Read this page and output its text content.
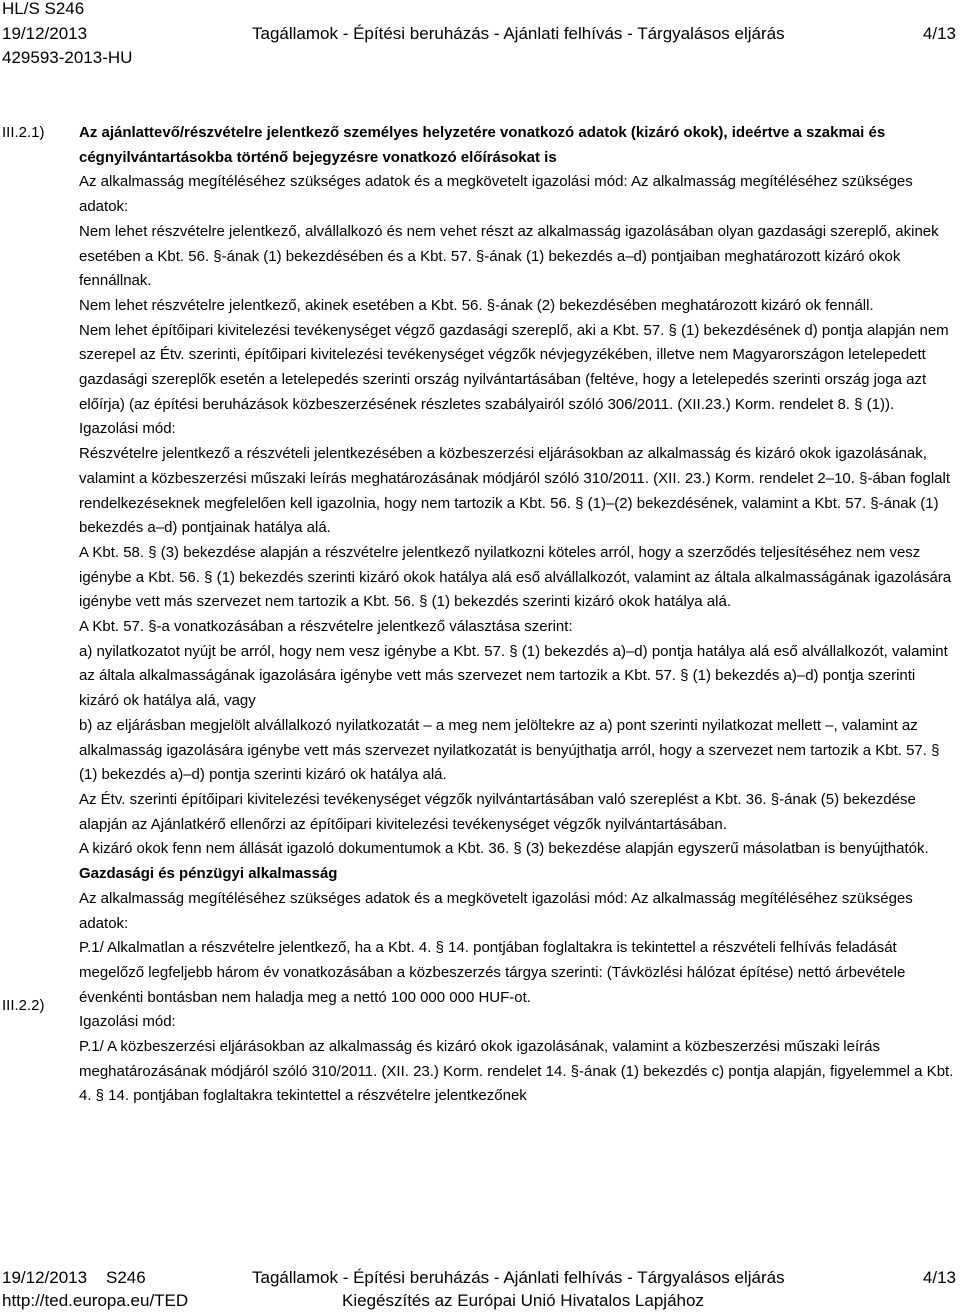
HL/S S246
19/12/2013
429593-2013-HU
Tagállamok - Építési beruházás - Ajánlati felhívás - Tárgyalásos eljárás	4/13
III.2.1)
III.2.2)

Az ajánlattevő/részvételre jelentkező személyes helyzetére vonatkozó adatok (kizáró okok), ideértve a szakmai és cégnyilvántartásokba történő bejegyzésre vonatkozó előírásokat is

Az alkalmasság megítéléséhez szükséges adatok és a megkövetelt igazolási mód: Az alkalmasság megítéléséhez szükséges adatok:

Nem lehet részvételre jelentkező, alvállalkozó és nem vehet részt az alkalmasság igazolásában olyan gazdasági szereplő, akinek esetében a Kbt. 56. §-ának (1) bekezdésében és a Kbt. 57. §-ának (1) bekezdés a–d) pontjaiban meghatározott kizáró okok fennállnak.

Nem lehet részvételre jelentkező, akinek esetében a Kbt. 56. §-ának (2) bekezdésében meghatározott kizáró ok fennáll.

Nem lehet építőipari kivitelezési tevékenységet végző gazdasági szereplő, aki a Kbt. 57. § (1) bekezdésének d) pontja alapján nem szerepel az Étv. szerinti, építőipari kivitelezési tevékenységet végzők névjegyzékében, illetve nem Magyarországon letelepedett gazdasági szereplők esetén a letelepedés szerinti ország nyilvántartásában (feltéve, hogy a letelepedés szerinti ország joga azt előírja) (az építési beruházások közbeszerzésének részletes szabályairól szóló 306/2011. (XII.23.) Korm. rendelet 8. § (1)).

Igazolási mód:

Részvételre jelentkező a részvételi jelentkezésében a közbeszerzési eljárásokban az alkalmasság és kizáró okok igazolásának, valamint a közbeszerzési műszaki leírás meghatározásának módjáról szóló 310/2011. (XII. 23.) Korm. rendelet 2–10. §-ában foglalt rendelkezéseknek megfelelően kell igazolnia, hogy nem tartozik a Kbt. 56. § (1)–(2) bekezdésének, valamint a Kbt. 57. §-ának (1) bekezdés a–d) pontjainak hatálya alá.

A Kbt. 58. § (3) bekezdése alapján a részvételre jelentkező nyilatkozni köteles arról, hogy a szerződés teljesítéséhez nem vesz igénybe a Kbt. 56. § (1) bekezdés szerinti kizáró okok hatálya alá eső alvállalkozót, valamint az általa alkalmasságának igazolására igénybe vett más szervezet nem tartozik a Kbt. 56. § (1) bekezdés szerinti kizáró okok hatálya alá.

A Kbt. 57. §-a vonatkozásában a részvételre jelentkező választása szerint:

a) nyilatkozatot nyújt be arról, hogy nem vesz igénybe a Kbt. 57. § (1) bekezdés a)–d) pontja hatálya alá eső alvállalkozót, valamint az általa alkalmasságának igazolására igénybe vett más szervezet nem tartozik a Kbt. 57. § (1) bekezdés a)–d) pontja szerinti kizáró ok hatálya alá, vagy

b) az eljárásban megjelölt alvállalkozó nyilatkozatát – a meg nem jelöltekre az a) pont szerinti nyilatkozat mellett –, valamint az alkalmasság igazolására igénybe vett más szervezet nyilatkozatát is benyújthatja arról, hogy a szervezet nem tartozik a Kbt. 57. § (1) bekezdés a)–d) pontja szerinti kizáró ok hatálya alá.

Az Étv. szerinti építőipari kivitelezési tevékenységet végzők nyilvántartásában való szereplést a Kbt. 36. §-ának (5) bekezdése alapján az Ajánlatkérő ellenőrzi az építőipari kivitelezési tevékenységet végzők nyilvántartásában.

A kizáró okok fenn nem állását igazoló dokumentumok a Kbt. 36. § (3) bekezdése alapján egyszerű másolatban is benyújthatók.

Gazdasági és pénzügyi alkalmasság

Az alkalmasság megítéléséhez szükséges adatok és a megkövetelt igazolási mód: Az alkalmasság megítéléséhez szükséges adatok:

P.1/ Alkalmatlan a részvételre jelentkező, ha a Kbt. 4. § 14. pontjában foglaltakra is tekintettel a részvételi felhívás feladását megelőző legfeljebb három év vonatkozásában a közbeszerzés tárgya szerinti: (Távközlési hálózat építése) nettó árbevétele évenkénti bontásban nem haladja meg a nettó 100 000 000 HUF-ot.

Igazolási mód:

P.1/ A közbeszerzési eljárásokban az alkalmasság és kizáró okok igazolásának, valamint a közbeszerzési műszaki leírás meghatározásának módjáról szóló 310/2011. (XII. 23.) Korm. rendelet 14. §-ának (1) bekezdés c) pontja alapján, figyelemmel a Kbt. 4. § 14. pontjában foglaltakra tekintettel a részvételre jelentkezőnek

19/12/2013 S246
http://ted.europa.eu/TED
Tagállamok - Építési beruházás - Ajánlati felhívás - Tárgyalásos eljárás
Kiegészítés az Európai Unió Hivatalos Lapjához
4/13
